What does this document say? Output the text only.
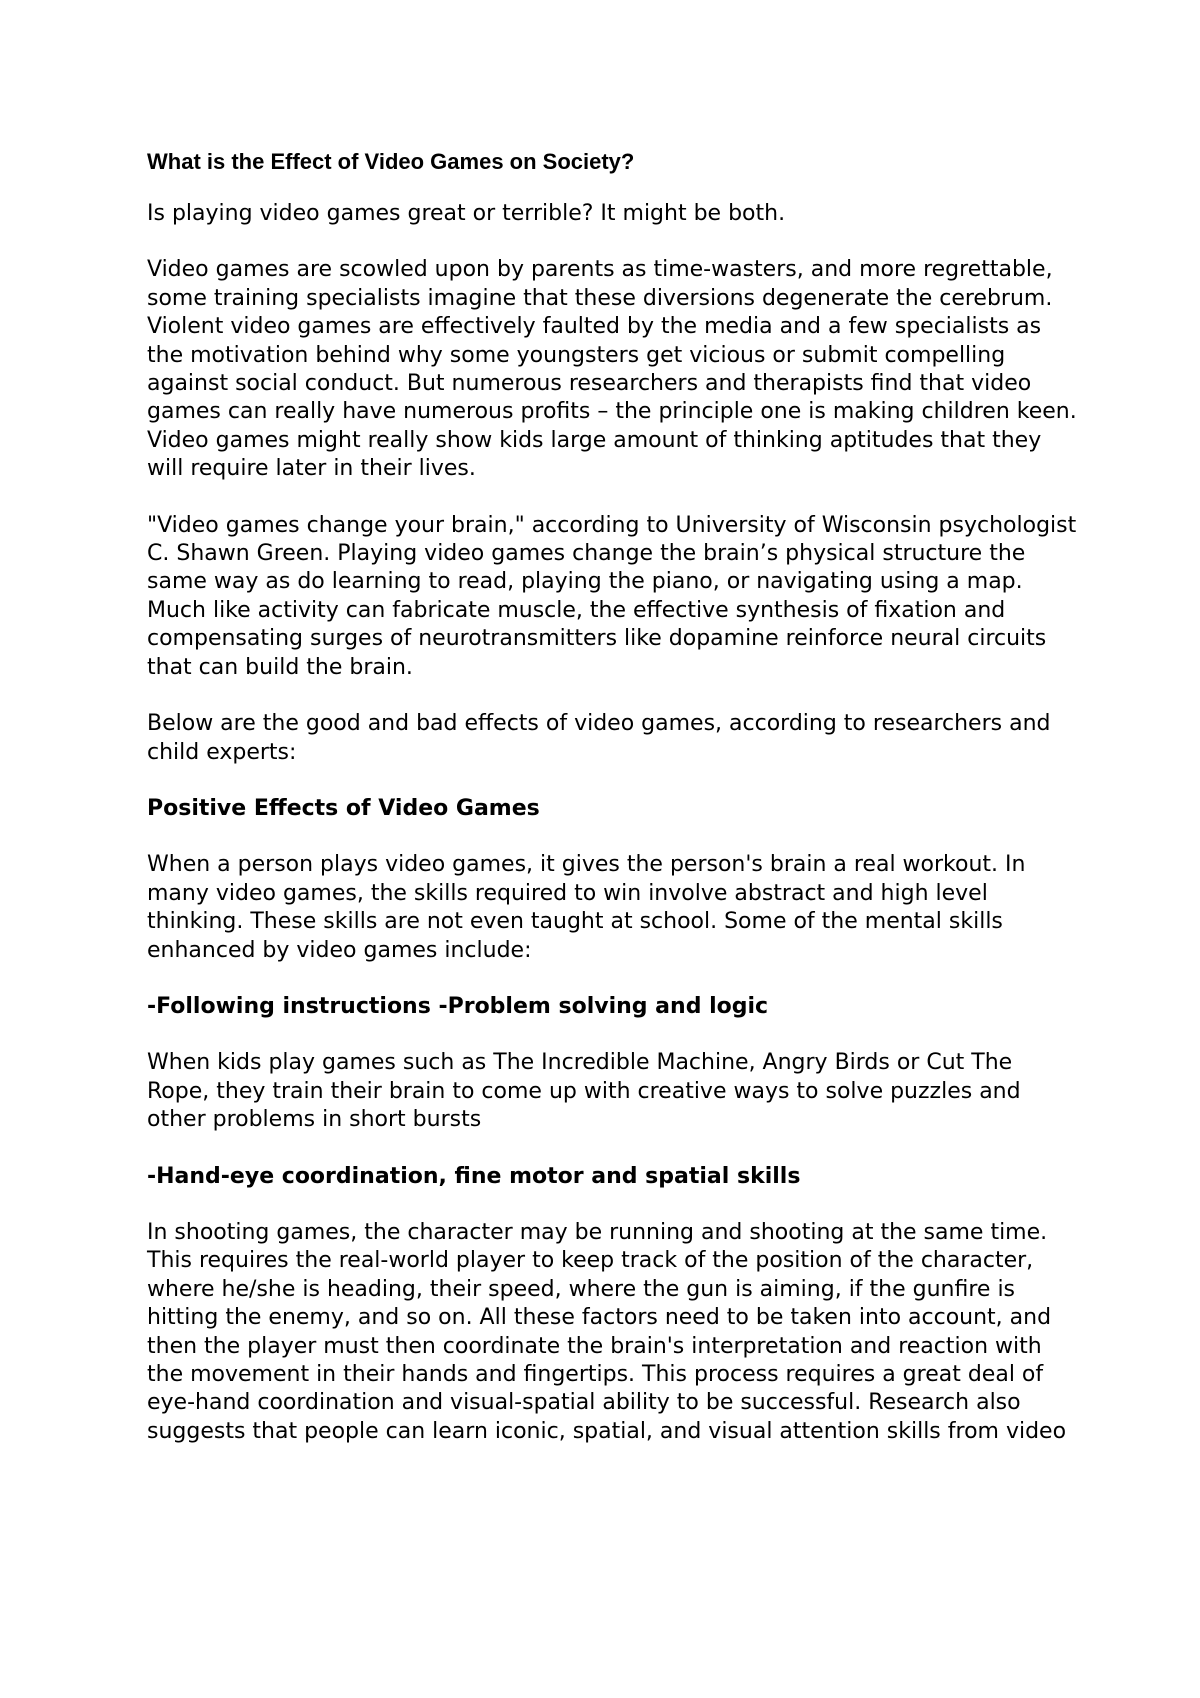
What is the Effect of Video Games on Society?

Is playing video games great or terrible? It might be both.

Video games are scowled upon by parents as time-wasters, and more regrettable, some training specialists imagine that these diversions degenerate the cerebrum. Violent video games are effectively faulted by the media and a few specialists as the motivation behind why some youngsters get vicious or submit compelling against social conduct. But numerous researchers and therapists find that video games can really have numerous profits – the principle one is making children keen. Video games might really show kids large amount of thinking aptitudes that they will require later in their lives.

"Video games change your brain," according to University of Wisconsin psychologist C. Shawn Green. Playing video games change the brain’s physical structure the same way as do learning to read, playing the piano, or navigating using a map. Much like activity can fabricate muscle, the effective synthesis of fixation and compensating surges of neurotransmitters like dopamine reinforce neural circuits that can build the brain.

Below are the good and bad effects of video games, according to researchers and child experts:

Positive Effects of Video Games

When a person plays video games, it gives the person's brain a real workout. In many video games, the skills required to win involve abstract and high level thinking. These skills are not even taught at school. Some of the mental skills enhanced by video games include:

-Following instructions -Problem solving and logic

When kids play games such as The Incredible Machine, Angry Birds or Cut The Rope, they train their brain to come up with creative ways to solve puzzles and other problems in short bursts

-Hand-eye coordination, fine motor and spatial skills

In shooting games, the character may be running and shooting at the same time. This requires the real-world player to keep track of the position of the character, where he/she is heading, their speed, where the gun is aiming, if the gunfire is hitting the enemy, and so on. All these factors need to be taken into account, and then the player must then coordinate the brain's interpretation and reaction with the movement in their hands and fingertips. This process requires a great deal of eye-hand coordination and visual-spatial ability to be successful. Research also suggests that people can learn iconic, spatial, and visual attention skills from video
